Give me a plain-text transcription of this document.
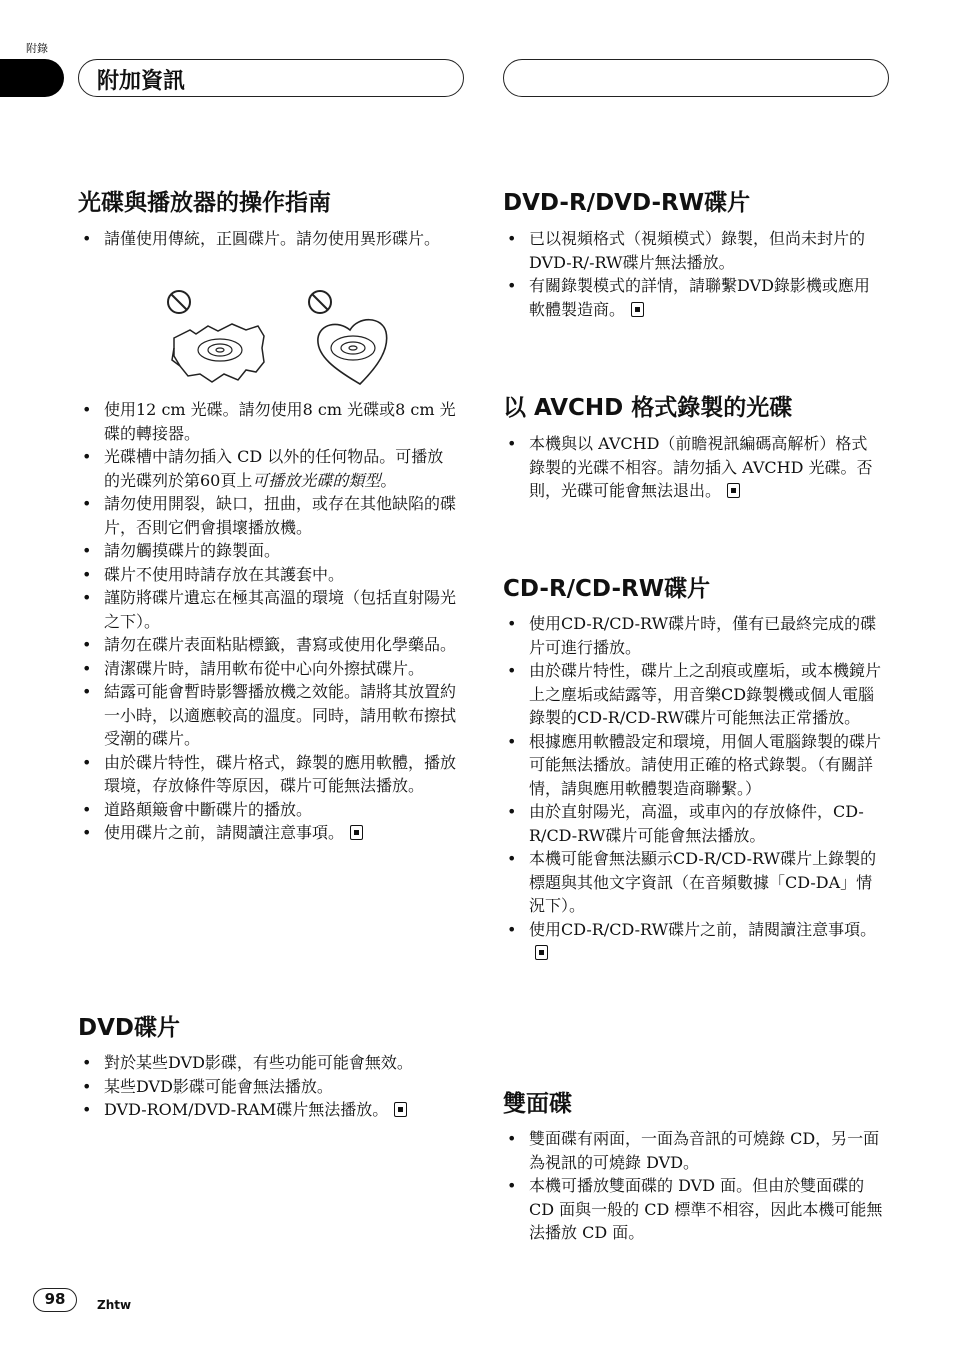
附錄
附加資訊
光碟與播放器的操作指南
• 請僅使用傳統，正圓碟片。請勿使用異形碟片。
• 使用12 cm 光碟。請勿使用8 cm 光碟或8 cm 光碟的轉接器。
• 光碟槽中請勿插入 CD 以外的任何物品。可播放的光碟列於第60頁上可播放光碟的類型。
• 請勿使用開裂，缺口，扭曲，或存在其他缺陷的碟片，否則它們會損壞播放機。
• 請勿觸摸碟片的錄製面。
• 碟片不使用時請存放在其護套中。
• 謹防將碟片遺忘在極其高溫的環境（包括直射陽光之下）。
• 請勿在碟片表面粘貼標籤，書寫或使用化學藥品。
• 清潔碟片時，請用軟布從中心向外擦拭碟片。
• 結露可能會暫時影響播放機之效能。請將其放置約一小時，以適應較高的溫度。同時，請用軟布擦拭受潮的碟片。
• 由於碟片特性，碟片格式，錄製的應用軟體，播放環境，存放條件等原因，碟片可能無法播放。
• 道路顛簸會中斷碟片的播放。
• 使用碟片之前，請閱讀注意事項。
DVD碟片
• 對於某些DVD影碟，有些功能可能會無效。
• 某些DVD影碟可能會無法播放。
• DVD-ROM/DVD-RAM碟片無法播放。
DVD-R/DVD-RW碟片
• 已以視頻格式（視頻模式）錄製，但尚未封片的DVD-R/-RW碟片無法播放。
• 有關錄製模式的詳情，請聯繫DVD錄影機或應用軟體製造商。
以 AVCHD 格式錄製的光碟
• 本機與以 AVCHD（前瞻視訊編碼高解析）格式錄製的光碟不相容。請勿插入 AVCHD 光碟。否則，光碟可能會無法退出。
CD-R/CD-RW碟片
• 使用CD-R/CD-RW碟片時，僅有已最終完成的碟片可進行播放。
• 由於碟片特性，碟片上之刮痕或塵垢，或本機鏡片上之塵垢或結露等，用音樂CD錄製機或個人電腦錄製的CD-R/CD-RW碟片可能無法正常播放。
• 根據應用軟體設定和環境，用個人電腦錄製的碟片可能無法播放。請使用正確的格式錄製。（有關詳情，請與應用軟體製造商聯繫。）
• 由於直射陽光，高溫，或車內的存放條件，CD-R/CD-RW碟片可能會無法播放。
• 本機可能會無法顯示CD-R/CD-RW碟片上錄製的標題與其他文字資訊（在音頻數據「CD-DA」情況下）。
• 使用CD-R/CD-RW碟片之前，請閱讀注意事項。
雙面碟
• 雙面碟有兩面，一面為音訊的可燒錄 CD，另一面為視訊的可燒錄 DVD。
• 本機可播放雙面碟的 DVD 面。但由於雙面碟的 CD 面與一般的 CD 標準不相容，因此本機可能無法播放 CD 面。
98	Zhtw
